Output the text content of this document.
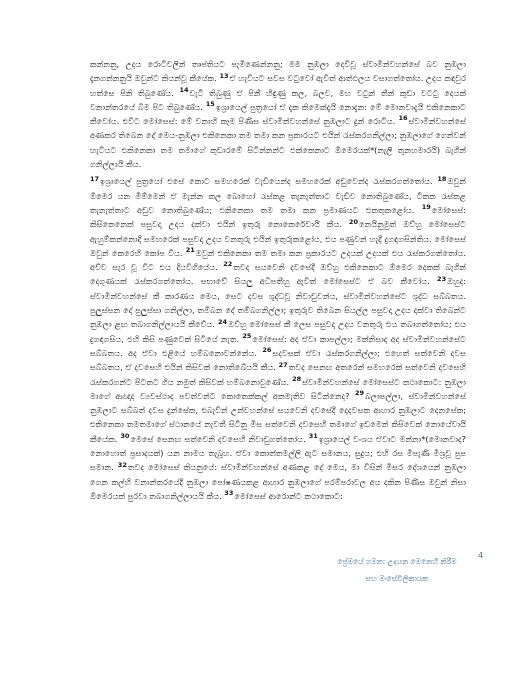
කන්නනු, උදය රොටිවලින් තෘප්තියට පැමිණෙන්නනු; මම නුඹලා දෙවිවූ ස්වාමින්වහන්සේ බව නුඹලා දැනගන්නනුයි ඔවුන්ට කියන්වූ කීයේක. $^{13}$ඒ හැවියට සවස වටුවෝ ඇවිත් ආත්ඵලය වසාගත්තෝය. උදය කඳවුර හත්සෙ පිනි තිබුණේය. $^{14}$වැටී තිබුණු ඒ පිනී හිඳුණු කල, බලව, මහ වටුන් තීන් කුඩා වටටු දෙයක් වනාන්තරයේ බිම පිට තිබුණේය. $^{15}$ඉශ්‍රායෙල් පුත්‍රයෝ ඒ දැක කිමෙක්දැයි නොදැන: මේ මොනවාදැයි එකිනෙකාට කීවෝය. එවිට මෝසෙස්: මේ වනාහි කෑම පිණිස ස්වාමින්වහන්සේ නුඹලාට දුන් රොටිය. $^{16}$ස්වාමින්වහන්සේ අණකර තිබෙන දේ මෙය-නුඹලා එකිනෙකා තම තමා කන ප්‍රකාරයට එයින් රැස්කරගනිල්ලා; නුඹලාගේ ගෙන්වන් හැටියට එකිනෙකා තම තමාගේ කුඩාරමේ සිටින්නන්ට එක්කෙනාට ඕමෙරයක්*(නැලි තුනහමාරයි) බැගින් ගනිල්ලායි කීය.

$^{17}$ඉශ්‍රායෙල් පුත්‍රයෝ එසේ කොට සමහරෙක් වැඩියෙන්ද සමහරෙක් අඩුවෙන්ද රැස්කරගත්තෝය. $^{18}$ඔවුන් ඕමෙර යන මිම්මෙන් ඒ මැන්න කල බොහෝ රැස්කළ තැනැත්තාට වැඩිව නොතිබුණේය, ටිකක රැස්කළ තැනැත්තාට අඩුව නොතිබුණේය; එකිනෙකා තම තමා කන ප්‍රමාණයට එකතුකළෝය. $^{19}$මෝසෙස්: කිසිකෙනෙක් පසුවදා උදය දක්වා එයින් ඉතුරු නොකෙරේවායි කීය. $^{20}$නෙයිනුමුත් ඔව්හු මෝසෙස්ට ඇහුම්කන්නොදී සමහරෙක් පසුවදා උදය වනතුරු එයින් ඉතුරුකළෝය, එය පණුවන් හැදී දුගඳගසින්තිය. මෝසෙස් ඔවුන් කෙරෙහි කෝප විය. $^{21}$ඔවුන් එකිනෙකා තම තමා කන ප්‍රකාරයට උදයක් උදයක් එය රැස්කරගත්තෝය. අව්ව සැර වූ විට එය දියවිගියේය. $^{22}$තවද සයවෙනි දවසේදී ඔව්හු එකිනෙකාට ඕමෙර දෙකක් බැගින් දෙගුණයක් රැස්කරගත්තෝය. සභාවේ සියලු අධිපතීහු ඇවිත් මෝසෙස්ට ඒ බව කීවෝය. $^{23}$ඔහුද: ස්වාමින්වහන්සේ කී කාරණය මෙය, සෙට දවස ශුද්ධවූ නිවාඩුවන්ය, ස්වාමින්වහන්සේට ශුද්ධ සබ්බතය. පුලුස්සන දේ පුලුස්සා ගනිල්ලා, තම්බන දේ තම්බගනිල්ලා; ඉතුරුව තිබෙන සියල්ල පසුවදා උදය දක්වා තිබෙන්ට නුඹලා ළඟ තබාගනිල්ලායයි කීවේය. $^{24}$ඔව්හු මෝසෙස් කී ලෙස පසුවදා උදය වනතුරු එය තබාගත්තෝය; එය දුගඳගසිය, එහි කිසි පණුවෙක් සිටියේ නැත. $^{25}$මෝසෙස්: අද ඒවා කාපල්ලා; මක්නිසාද අද ස්වාමින්වහන්සේට සබ්බතය. අද ඒවා එළියේ හම්බනොවන්නේය. $^{26}$සදවසක් ඒවා රැස්කරගනිල්ලා; එහෙත් සත්වෙනි දවස සබ්බතය, ඒ දවසෙහි එයින් කිසිවක් නොතිබේයයි කීය. $^{27}$තවද සෙනඟ අතරෙන් සමහරෙක් සත්වෙනි දවසෙහි රැස්කරගන්ට පිටතට ගිය නමුත් කිසිවක් හම්බනොවුණේය. $^{28}$ස්වාමින්වහන්සේ මෝසෙස්ට කථාකොට: නුඹලා මාගේ ආඥාද ව්‍යවස්ථාද පවත්වන්ට කොතෙක්කල් අකමැතිව සිටින්නෙද? $^{29}$බලාපල්ලා, ස්වාමින්වහන්සේ නුඹලාට සබ්බත් දවස දුන්සේක, එබැවින් උන්වහන්සේ සයවෙනි දවසේදී දෙදවසක ආහාර නුඹලාට දෙනසේක; එකිනෙකා තමතමාගේ ස්ථානයේ නැවතී සිටීනු මිස සත්වෙනි දවසෙහි තමාගේ ඉඩමෙන් කිසිවෙක් නොයේවායි කීයේක. $^{30}$මෙසේ සෙනඟ සත්වෙනි දවසෙහි නිවාඩුගත්තෝය. $^{31}$ඉශ්‍රායෙල් වංශය ඒවාට මන්නා*(මොනවාද? නොහොත් ප්‍රසාදයක්) යන නාමය තැබූහ. ඒවා කොත්තමල්ලි ඇට සමානය, සුදුය; එහි රස මීපැණි මිශ්‍රවූ පුප සමාන. $^{32}$තවද මෝසෙස් කියනුයේ: ස්වාමින්වහන්සේ අණකළ දේ මෙය, මා විසින් මිසර දේශයෙන් නුඹලා ගෙන කල්හි වනාන්තරයේදී නුඹලා පෝෂණයකළ ආහාර නුඹලාගේ පරම්පරාවල අය දකින පිණිස ඔවුන් නිසා ඕමෙරයක් පුරවා තබාගනිල්ලායයි කීය. $^{33}$මෝසෙස් ආරොන්ට කථාකොට:

ප්‍රේමයේ ගමන: උදයන මෙනෙහි කිරීම
සහ මංසේවිලිකායක
4
